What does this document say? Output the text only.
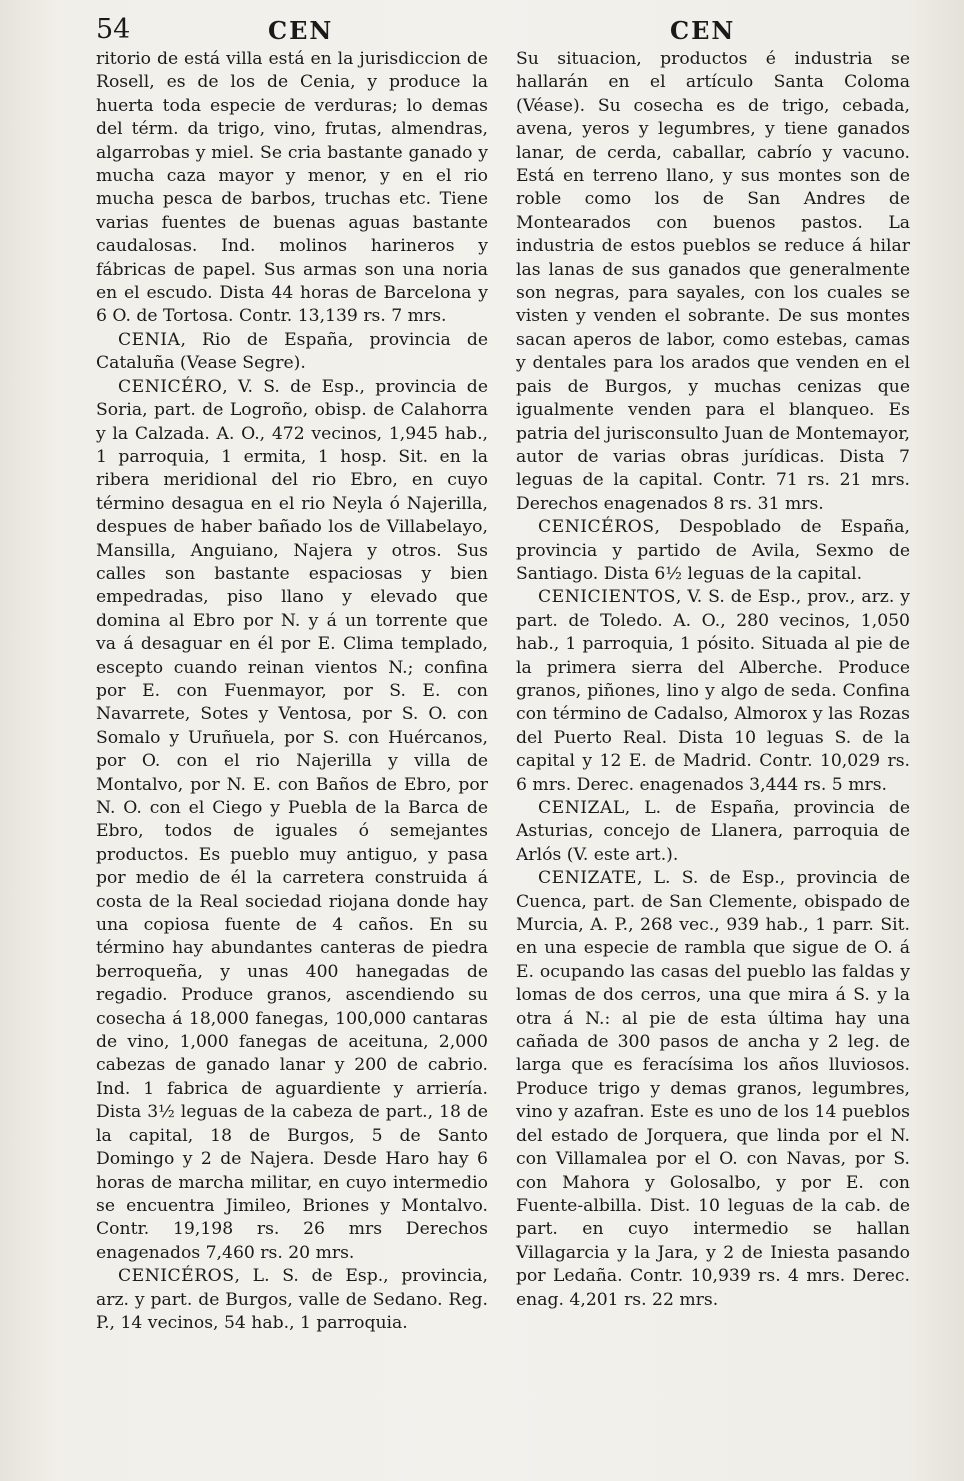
54	CEN	CEN

ritorio de está villa está en la jurisdiccion de Rosell, es de los de Cenia, y produce la huerta toda especie de verduras; lo demas del térm. da trigo, vino, frutas, almendras, algarrobas y miel. Se cria bastante ganado y mucha caza mayor y menor, y en el rio mucha pesca de barbos, truchas etc. Tiene varias fuentes de buenas aguas bastante caudalosas. Ind. molinos harineros y fábricas de papel. Sus armas son una noria en el escudo. Dista 44 horas de Barcelona y 6 O. de Tortosa. Contr. 13,139 rs. 7 mrs.

CENIA, Rio de España, provincia de Cataluña (Vease Segre).

CENICÉRO, V. S. de Esp., provincia de Soria, part. de Logroño, obisp. de Calahorra y la Calzada. A. O., 472 vecinos, 1,945 hab., 1 parroquia, 1 ermita, 1 hosp. Sit. en la ribera meridional del rio Ebro, en cuyo término desagua en el rio Neyla ó Najerilla, despues de haber bañado los de Villabelayo, Mansilla, Anguiano, Najera y otros. Sus calles son bastante espaciosas y bien empedradas, piso llano y elevado que domina al Ebro por N. y á un torrente que va á desaguar en él por E. Clima templado, escepto cuando reinan vientos N.; confina por E. con Fuenmayor, por S. E. con Navarrete, Sotes y Ventosa, por S. O. con Somalo y Uruñuela, por S. con Huércanos, por O. con el rio Najerilla y villa de Montalvo, por N. E. con Baños de Ebro, por N. O. con el Ciego y Puebla de la Barca de Ebro, todos de iguales ó semejantes productos. Es pueblo muy antiguo, y pasa por medio de él la carretera construida á costa de la Real sociedad riojana donde hay una copiosa fuente de 4 caños. En su término hay abundantes canteras de piedra berroqueña, y unas 400 hanegadas de regadio. Produce granos, ascendiendo su cosecha á 18,000 fanegas, 100,000 cantaras de vino, 1,000 fanegas de aceituna, 2,000 cabezas de ganado lanar y 200 de cabrio. Ind. 1 fabrica de aguardiente y arriería. Dista 3½ leguas de la cabeza de part., 18 de la capital, 18 de Burgos, 5 de Santo Domingo y 2 de Najera. Desde Haro hay 6 horas de marcha militar, en cuyo intermedio se encuentra Jimileo, Briones y Montalvo. Contr. 19,198 rs. 26 mrs Derechos enagenados 7,460 rs. 20 mrs.

CENICÉROS, L. S. de Esp., provincia, arz. y part. de Burgos, valle de Sedano. Reg. P., 14 vecinos, 54 hab., 1 parroquia.

Su situacion, productos é industria se hallarán en el artículo Santa Coloma (Véase). Su cosecha es de trigo, cebada, avena, yeros y legumbres, y tiene ganados lanar, de cerda, caballar, cabrío y vacuno. Está en terreno llano, y sus montes son de roble como los de San Andres de Montearados con buenos pastos. La industria de estos pueblos se reduce á hilar las lanas de sus ganados que generalmente son negras, para sayales, con los cuales se visten y venden el sobrante. De sus montes sacan aperos de labor, como estebas, camas y dentales para los arados que venden en el pais de Burgos, y muchas cenizas que igualmente venden para el blanqueo. Es patria del jurisconsulto Juan de Montemayor, autor de varias obras jurídicas. Dista 7 leguas de la capital. Contr. 71 rs. 21 mrs. Derechos enagenados 8 rs. 31 mrs.

CENICÉROS, Despoblado de España, provincia y partido de Avila, Sexmo de Santiago. Dista 6½ leguas de la capital.

CENICIENTOS, V. S. de Esp., prov., arz. y part. de Toledo. A. O., 280 vecinos, 1,050 hab., 1 parroquia, 1 pósito. Situada al pie de la primera sierra del Alberche. Produce granos, piñones, lino y algo de seda. Confina con término de Cadalso, Almorox y las Rozas del Puerto Real. Dista 10 leguas S. de la capital y 12 E. de Madrid. Contr. 10,029 rs. 6 mrs. Derec. enagenados 3,444 rs. 5 mrs.

CENIZAL, L. de España, provincia de Asturias, concejo de Llanera, parroquia de Arlós (V. este art.).

CENIZATE, L. S. de Esp., provincia de Cuenca, part. de San Clemente, obispado de Murcia, A. P., 268 vec., 939 hab., 1 parr. Sit. en una especie de rambla que sigue de O. á E. ocupando las casas del pueblo las faldas y lomas de dos cerros, una que mira á S. y la otra á N.: al pie de esta última hay una cañada de 300 pasos de ancha y 2 leg. de larga que es feracísima los años lluviosos. Produce trigo y demas granos, legumbres, vino y azafran. Este es uno de los 14 pueblos del estado de Jorquera, que linda por el N. con Villamalea por el O. con Navas, por S. con Mahora y Golosalbo, y por E. con Fuente-albilla. Dist. 10 leguas de la cab. de part. en cuyo intermedio se hallan Villagarcia y la Jara, y 2 de Iniesta pasando por Ledaña. Contr. 10,939 rs. 4 mrs. Derec. enag. 4,201 rs. 22 mrs.
